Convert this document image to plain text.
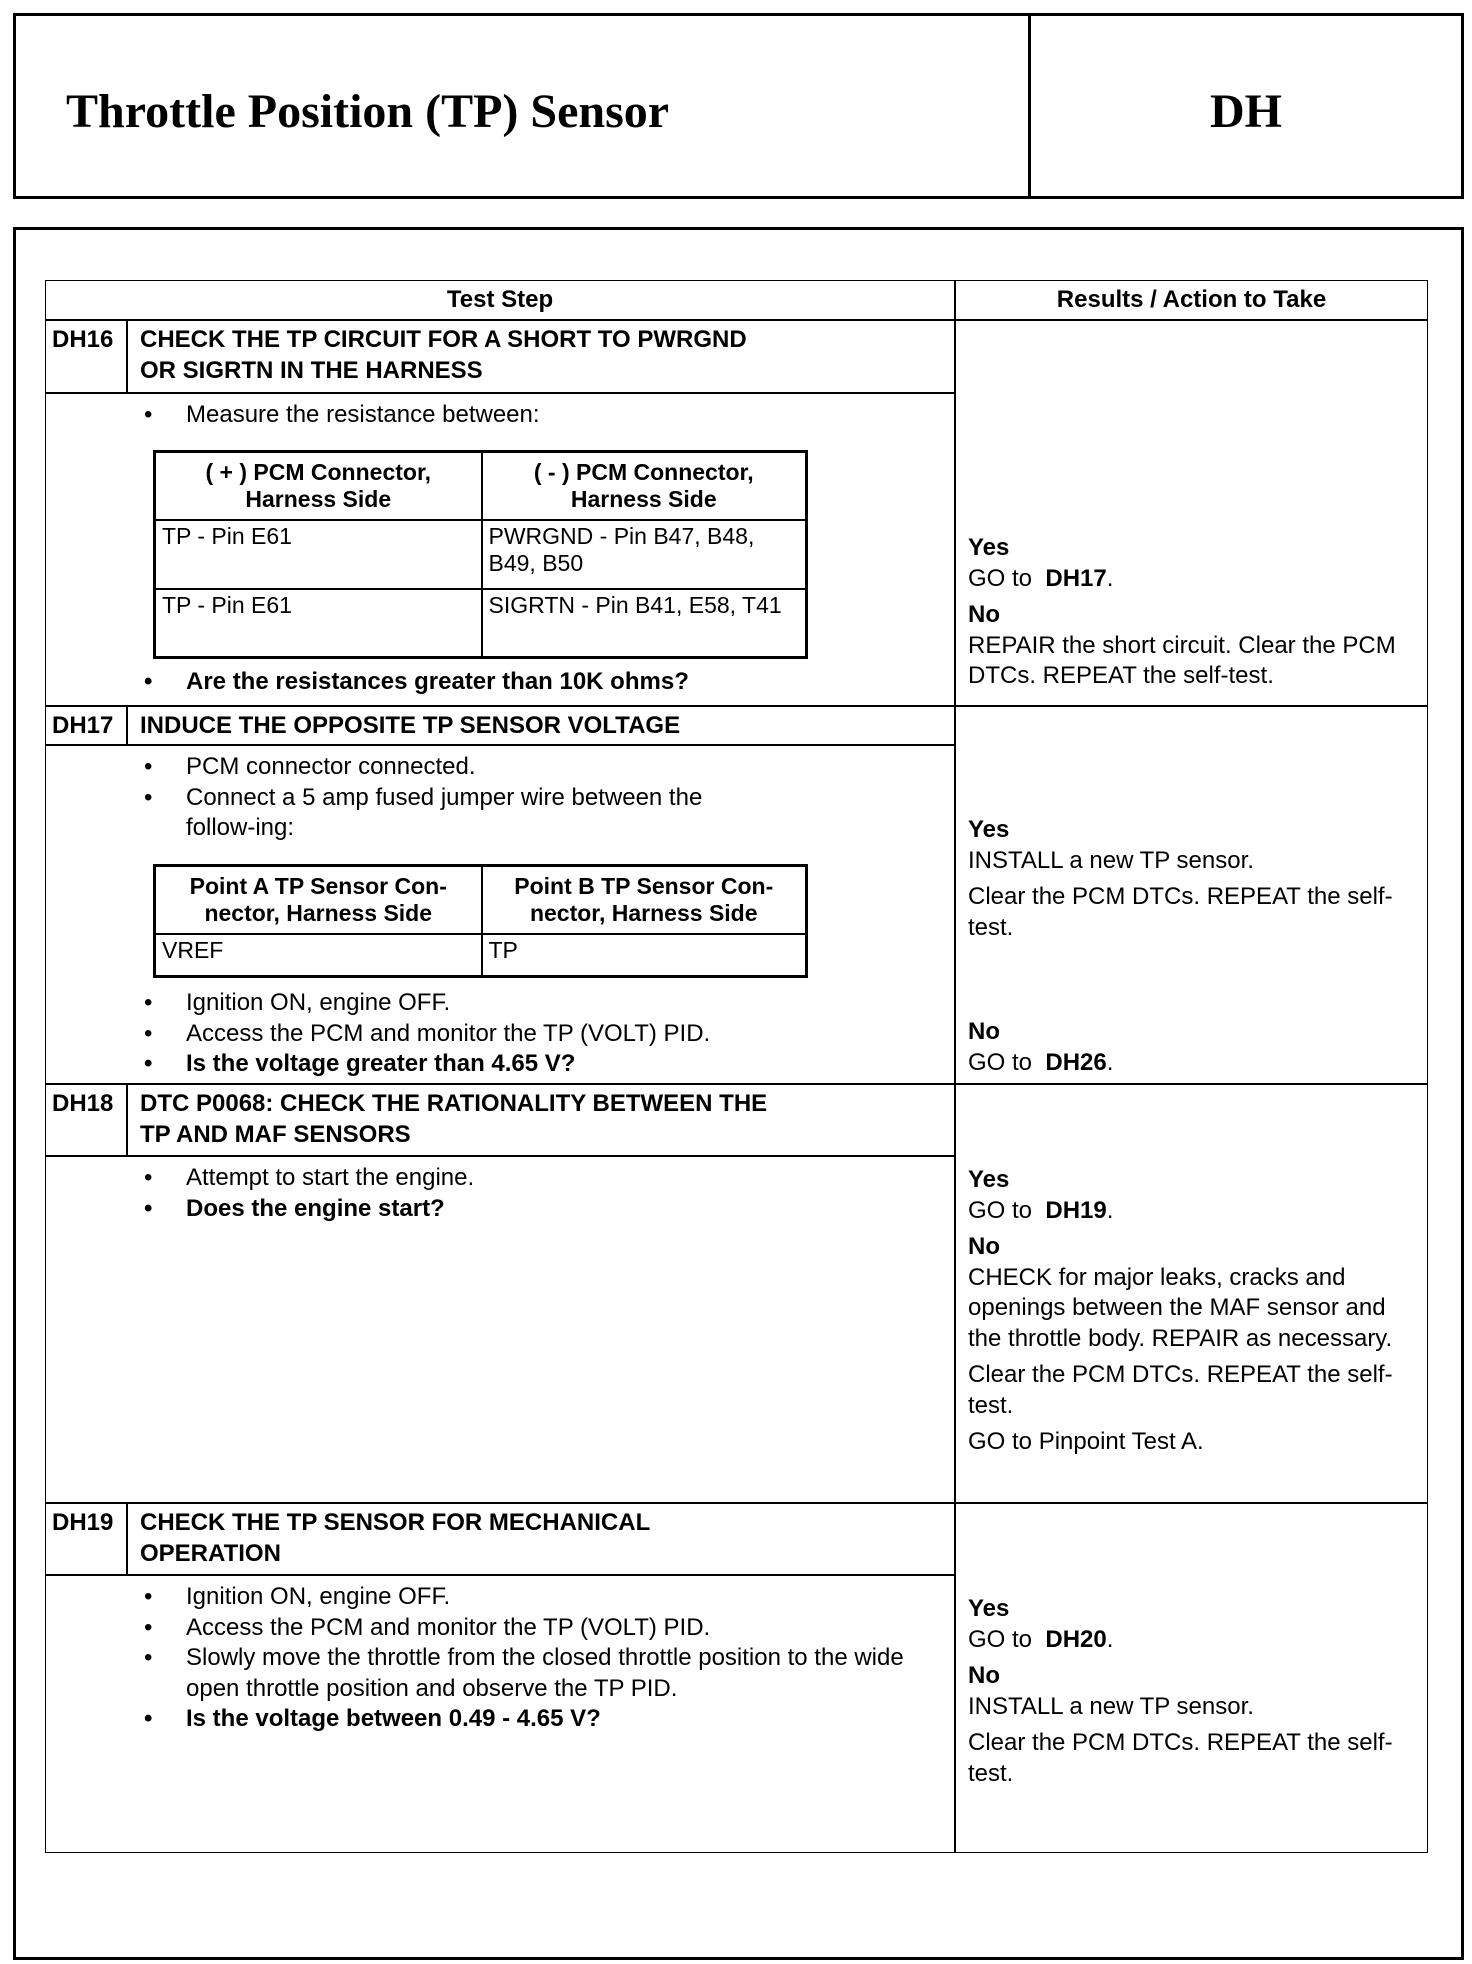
Throttle Position (TP) Sensor	DH
Test Step	Results / Action to Take
DH16	CHECK THE TP CIRCUIT FOR A SHORT TO PWRGND OR SIGRTN IN THE HARNESS
• Measure the resistance between:
( + ) PCM Connector, Harness Side	( - ) PCM Connector, Harness Side
TP - Pin E61	PWRGND - Pin B47, B48, B49, B50
TP - Pin E61	SIGRTN - Pin B41, E58, T41
• Are the resistances greater than 10K ohms?
Yes

GO to DH17.

No
REPAIR the short circuit. Clear the PCM DTCs. REPEAT the self-test.
DH17	INDUCE THE OPPOSITE TP SENSOR VOLTAGE
• PCM connector connected.
• Connect a 5 amp fused jumper wire between the follow-ing:
Point A TP Sensor Con-nector, Harness Side	Point B TP Sensor Con-nector, Harness Side
VREF	TP
• Ignition ON, engine OFF.
• Access the PCM and monitor the TP (VOLT) PID.
• Is the voltage greater than 4.65 V?
Yes

INSTALL a new TP sensor.

Clear the PCM DTCs. REPEAT the self-test.

No
GO to DH26.
DH18	DTC P0068: CHECK THE RATIONALITY BETWEEN THE TP AND MAF SENSORS
• Attempt to start the engine.
• Does the engine start?
Yes

GO to DH19.

No

CHECK for major leaks, cracks and openings between the MAF sensor and the throttle body. REPAIR as necessary.

Clear the PCM DTCs. REPEAT the self-test.

GO to Pinpoint Test A.

DH19	CHECK THE TP SENSOR FOR MECHANICAL OPERATION
• Ignition ON, engine OFF.
• Access the PCM and monitor the TP (VOLT) PID.
• Slowly move the throttle from the closed throttle position to the wide open throttle position and observe the TP PID.
• Is the voltage between 0.49 - 4.65 V?
Yes

GO to DH20.

No

INSTALL a new TP sensor.

Clear the PCM DTCs. REPEAT the self-test.
